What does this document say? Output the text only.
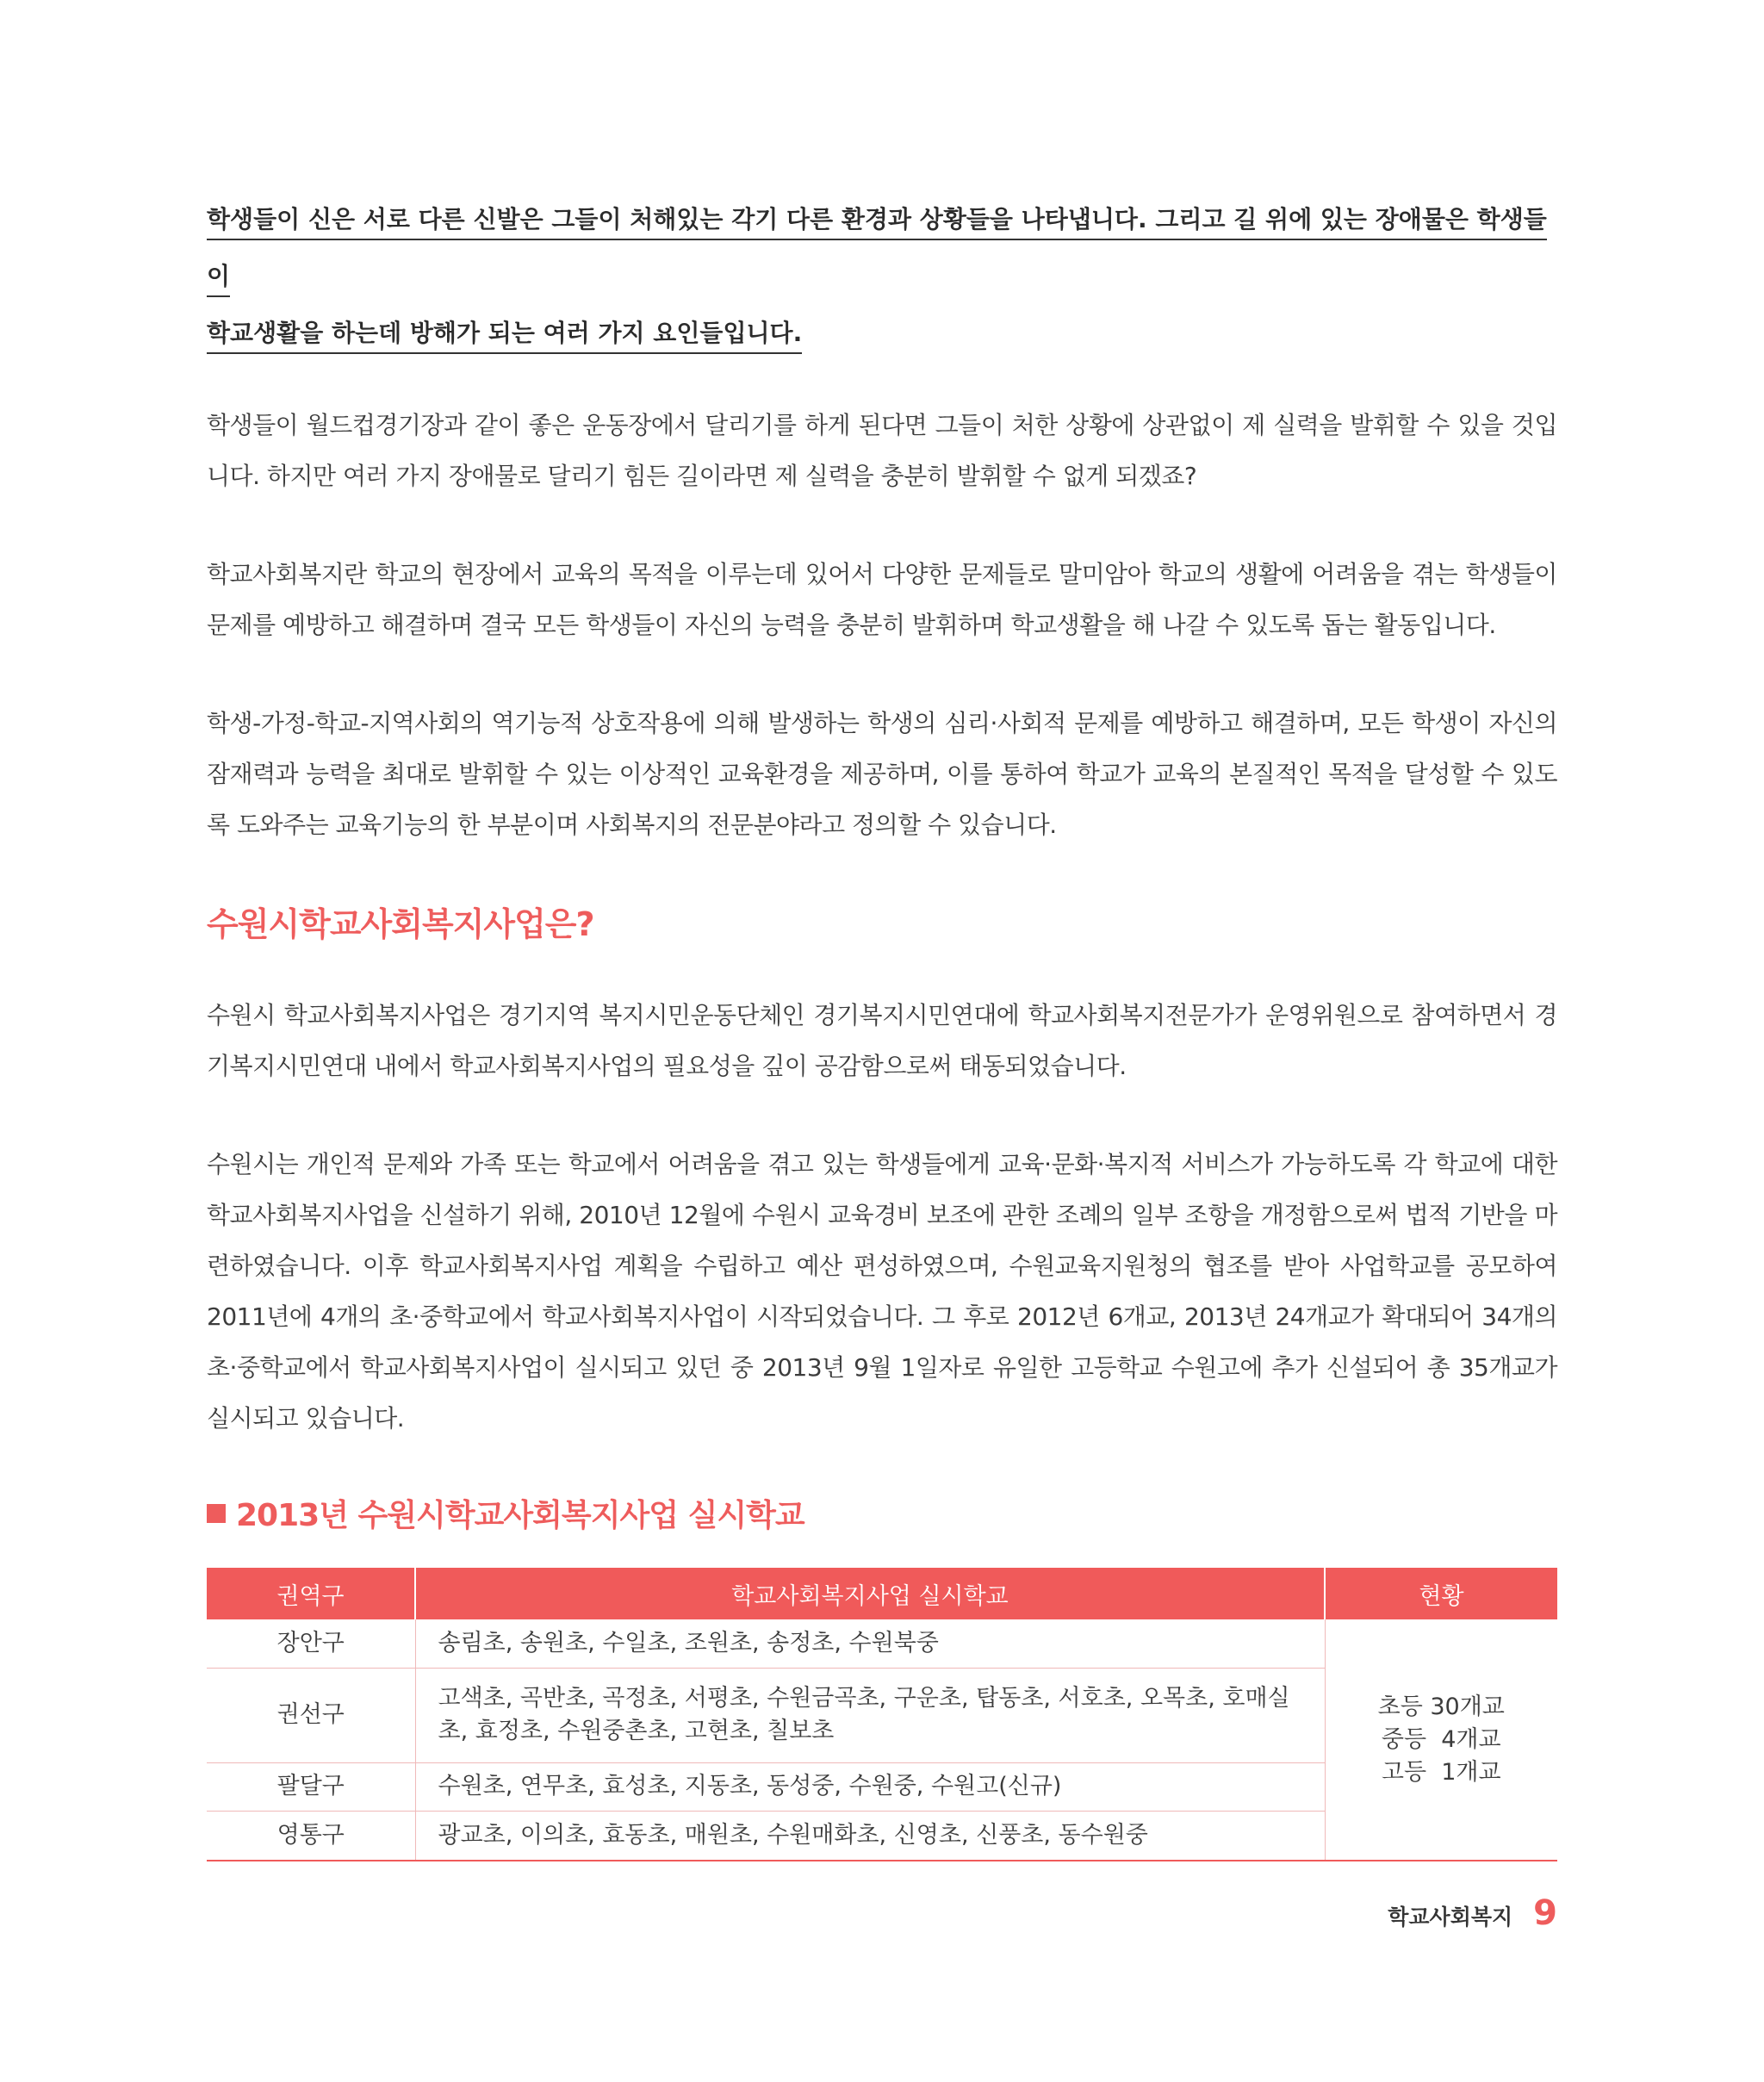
학생들이 신은 서로 다른 신발은 그들이 처해있는 각기 다른 환경과 상황들을 나타냅니다. 그리고 길 위에 있는 장애물은 학생들이
학교생활을 하는데 방해가 되는 여러 가지 요인들입니다.

학생들이 월드컵경기장과 같이 좋은 운동장에서 달리기를 하게 된다면 그들이 처한 상황에 상관없이 제 실력을 발휘할 수 있을 것입니다. 하지만 여러 가지 장애물로 달리기 힘든 길이라면 제 실력을 충분히 발휘할 수 없게 되겠죠?

학교사회복지란 학교의 현장에서 교육의 목적을 이루는데 있어서 다양한 문제들로 말미암아 학교의 생활에 어려움을 겪는 학생들이 문제를 예방하고 해결하며 결국 모든 학생들이 자신의 능력을 충분히 발휘하며 학교생활을 해 나갈 수 있도록 돕는 활동입니다.

학생-가정-학교-지역사회의 역기능적 상호작용에 의해 발생하는 학생의 심리·사회적 문제를 예방하고 해결하며, 모든 학생이 자신의 잠재력과 능력을 최대로 발휘할 수 있는 이상적인 교육환경을 제공하며, 이를 통하여 학교가 교육의 본질적인 목적을 달성할 수 있도록 도와주는 교육기능의 한 부분이며 사회복지의 전문분야라고 정의할 수 있습니다.

수원시학교사회복지사업은?

수원시 학교사회복지사업은 경기지역 복지시민운동단체인 경기복지시민연대에 학교사회복지전문가가 운영위원으로 참여하면서 경기복지시민연대 내에서 학교사회복지사업의 필요성을 깊이 공감함으로써 태동되었습니다.

수원시는 개인적 문제와 가족 또는 학교에서 어려움을 겪고 있는 학생들에게 교육·문화·복지적 서비스가 가능하도록 각 학교에 대한 학교사회복지사업을 신설하기 위해, 2010년 12월에 수원시 교육경비 보조에 관한 조례의 일부 조항을 개정함으로써 법적 기반을 마련하였습니다. 이후 학교사회복지사업 계획을 수립하고 예산 편성하였으며, 수원교육지원청의 협조를 받아 사업학교를 공모하여 2011년에 4개의 초·중학교에서 학교사회복지사업이 시작되었습니다. 그 후로 2012년 6개교, 2013년 24개교가 확대되어 34개의 초·중학교에서 학교사회복지사업이 실시되고 있던 중 2013년 9월 1일자로 유일한 고등학교 수원고에 추가 신설되어 총 35개교가 실시되고 있습니다.

2013년 수원시학교사회복지사업 실시학교
권역구	학교사회복지사업 실시학교	현황
장안구	송림초, 송원초, 수일초, 조원초, 송정초, 수원북중	초등 30개교
중등  4개교
고등  1개교

권선구	고색초, 곡반초, 곡정초, 서평초, 수원금곡초, 구운초, 탑동초, 서호초, 오목초, 호매실초, 효정초, 수원중촌초, 고현초, 칠보초	
팔달구	수원초, 연무초, 효성초, 지동초, 동성중, 수원중, 수원고(신규)	
영통구	광교초, 이의초, 효동초, 매원초, 수원매화초, 신영초, 신풍초, 동수원중	
학교사회복지 9
